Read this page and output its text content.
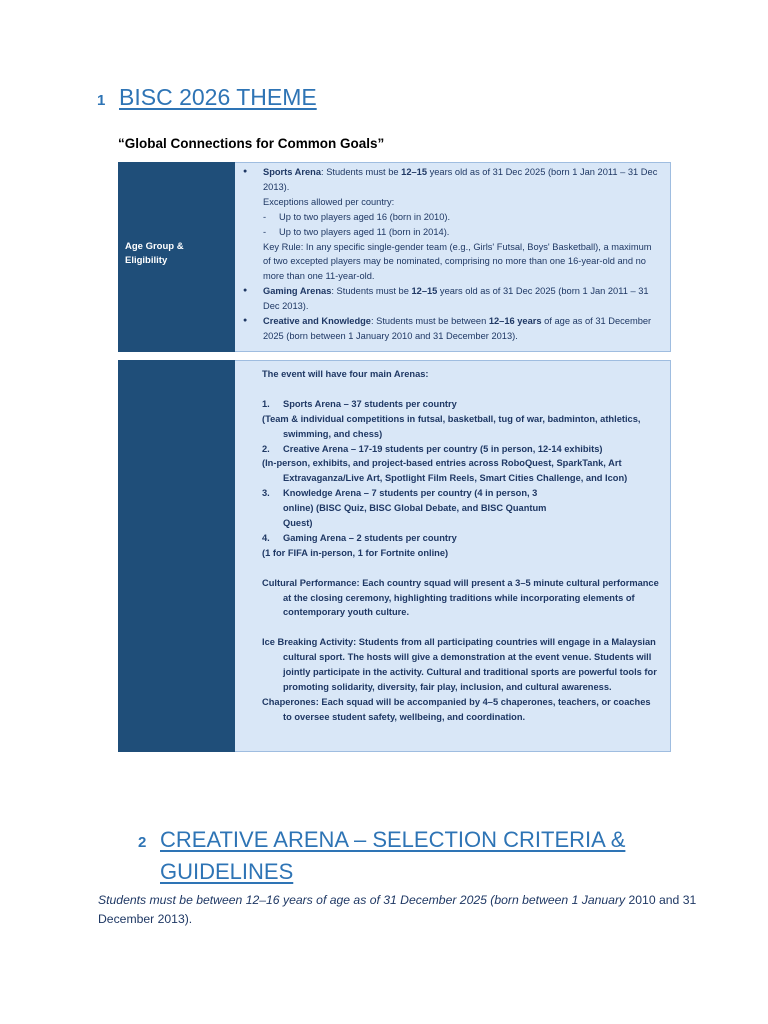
1 BISC 2026 THEME
“Global Connections for Common Goals”
Age Group &
Eligibility
● Sports Arena: Students must be 12–15 years old as of 31 Dec 2025 (born 1 Jan 2011 – 31 Dec 2013).
Exceptions allowed per country:
- Up to two players aged 16 (born in 2010).
- Up to two players aged 11 (born in 2014).
Key Rule: In any specific single-gender team (e.g., Girls' Futsal, Boys' Basketball), a maximum of two excepted players may be nominated, comprising no more than one 16-year-old and no more than one 11-year-old.
● Gaming Arenas: Students must be 12–15 years old as of 31 Dec 2025 (born 1 Jan 2011 – 31 Dec 2013).
● Creative and Knowledge: Students must be between 12–16 years of age as of 31 December 2025 (born between 1 January 2010 and 31 December 2013).
The event will have four main Arenas:
1. Sports Arena – 37 students per country
(Team & individual competitions in futsal, basketball, tug of war, badminton, athletics, swimming, and chess)
2. Creative Arena – 17-19 students per country (5 in person, 12-14 exhibits)
(In-person, exhibits, and project-based entries across RoboQuest, SparkTank, Art Extravaganza/Live Art, Spotlight Film Reels, Smart Cities Challenge, and Icon)
3. Knowledge Arena – 7 students per country (4 in person, 3 online) (BISC Quiz, BISC Global Debate, and BISC Quantum Quest)
4. Gaming Arena – 2 students per country
(1 for FIFA in-person, 1 for Fortnite online)
Cultural Performance: Each country squad will present a 3–5 minute cultural performance at the closing ceremony, highlighting traditions while incorporating elements of contemporary youth culture.
Ice Breaking Activity: Students from all participating countries will engage in a Malaysian cultural sport. The hosts will give a demonstration at the event venue. Students will jointly participate in the activity. Cultural and traditional sports are powerful tools for promoting solidarity, diversity, fair play, inclusion, and cultural awareness.
Chaperones: Each squad will be accompanied by 4–5 chaperones, teachers, or coaches to oversee student safety, wellbeing, and coordination.
2 CREATIVE ARENA – SELECTION CRITERIA &
GUIDELINES
Students must be between 12–16 years of age as of 31 December 2025 (born between 1 January 2010 and 31 December 2013).
